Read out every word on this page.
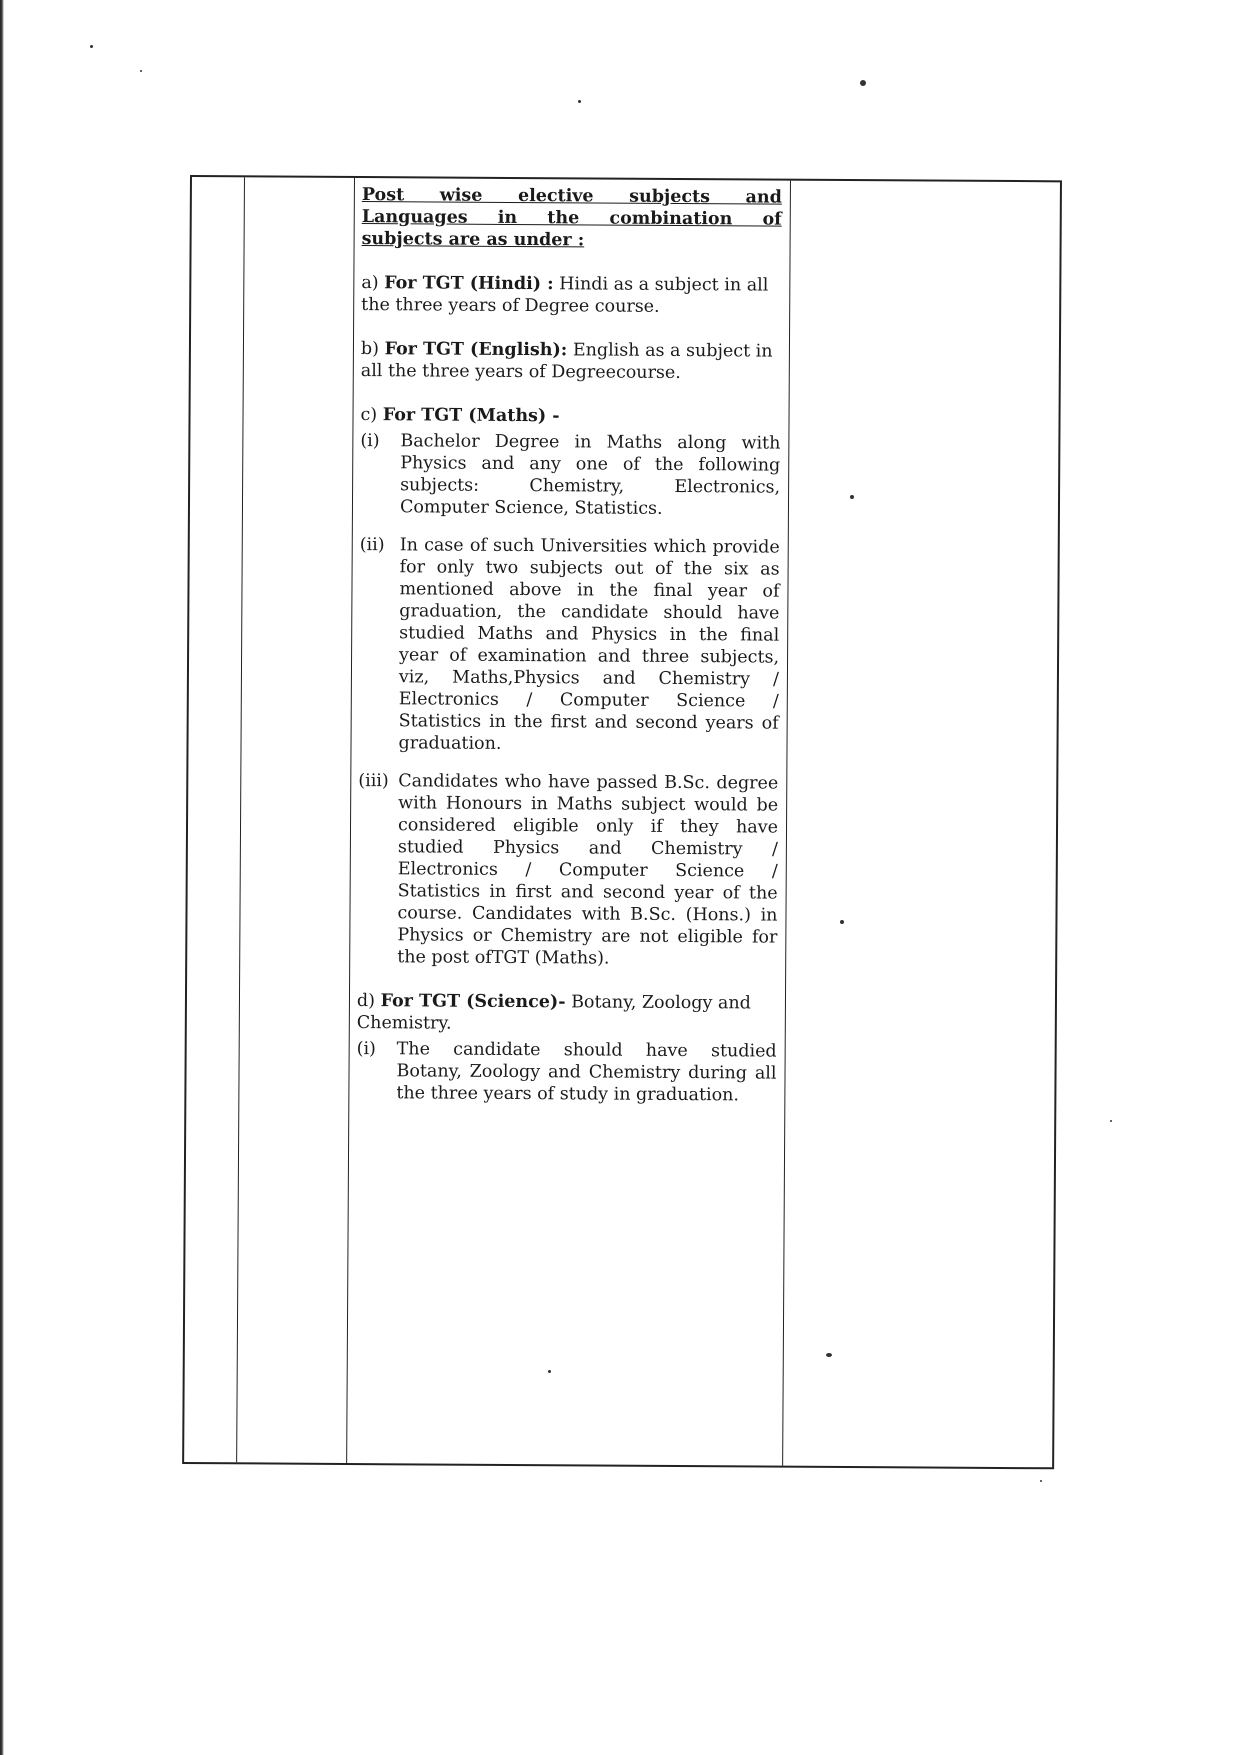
Post wise elective subjects and
Languages in the combination of
subjects are as under :

a) For TGT (Hindi) : Hindi as a subject in all the three years of Degree course.

b) For TGT (English): English as a subject in all the three years of Degreecourse.

c) For TGT (Maths) -

(i)	Bachelor Degree in Maths along with Physics and any one of the following subjects: Chemistry, Electronics, Computer Science, Statistics.
(ii) In case of such Universities which provide for only two subjects out of the six as mentioned above in the final year of graduation, the candidate should have studied Maths and Physics in the final year of examination and three subjects, viz, Maths,Physics and Chemistry / Electronics / Computer Science / Statistics in the first and second years of graduation.
(iii) Candidates who have passed B.Sc. degree with Honours in Maths subject would be considered eligible only if they have studied Physics and Chemistry / Electronics / Computer Science / Statistics in first and second year of the course. Candidates with B.Sc. (Hons.) in Physics or Chemistry are not eligible for the post ofTGT (Maths).

d) For TGT (Science)- Botany, Zoology and Chemistry.

(i)	The candidate should have studied Botany, Zoology and Chemistry during all the three years of study in graduation.
